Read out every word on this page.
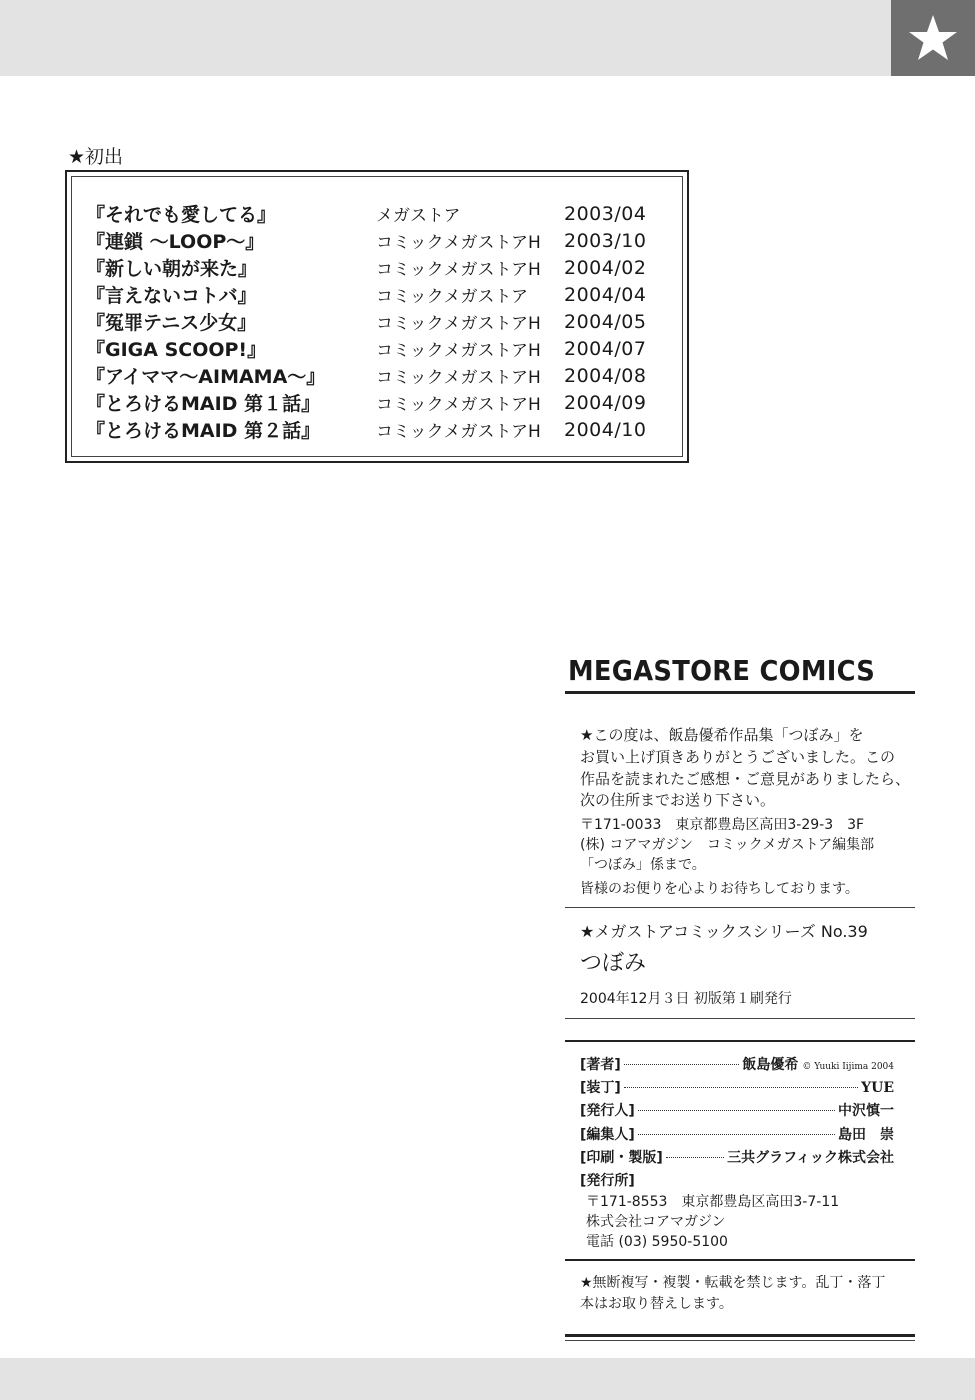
★初出
『それでも愛してる』	メガストア	2003/04
『連鎖 ～LOOP～』	コミックメガストアH	2003/10
『新しい朝が来た』	コミックメガストアH	2004/02
『言えないコトバ』	コミックメガストア	2004/04
『冤罪テニス少女』	コミックメガストアH	2004/05
『GIGA SCOOP!』	コミックメガストアH	2004/07
『アイママ～AIMAMA～』	コミックメガストアH	2004/08
『とろけるMAID 第１話』	コミックメガストアH	2004/09
『とろけるMAID 第２話』	コミックメガストアH	2004/10
MEGASTORE COMICS
★この度は、飯島優希作品集「つぼみ」を
お買い上げ頂きありがとうございました。この
作品を読まれたご感想・ご意見がありましたら、
次の住所までお送り下さい。
〒171-0033　東京都豊島区高田3-29-3　3F
(株) コアマガジン　コミックメガストア編集部
「つぼみ」係まで。
皆様のお便りを心よりお待ちしております。
★メガストアコミックスシリーズ No.39
つぼみ
2004年12月３日 初版第１刷発行
[著者]	飯島優希 © Yuuki Iijima 2004
[装丁]	YUE
[発行人]	中沢慎一
[編集人]	島田　崇
[印刷・製版]	三共グラフィック株式会社
[発行所]
〒171-8553　東京都豊島区高田3-7-11
株式会社コアマガジン
電話 (03) 5950-5100
★無断複写・複製・転載を禁じます。乱丁・落丁
本はお取り替えします。
